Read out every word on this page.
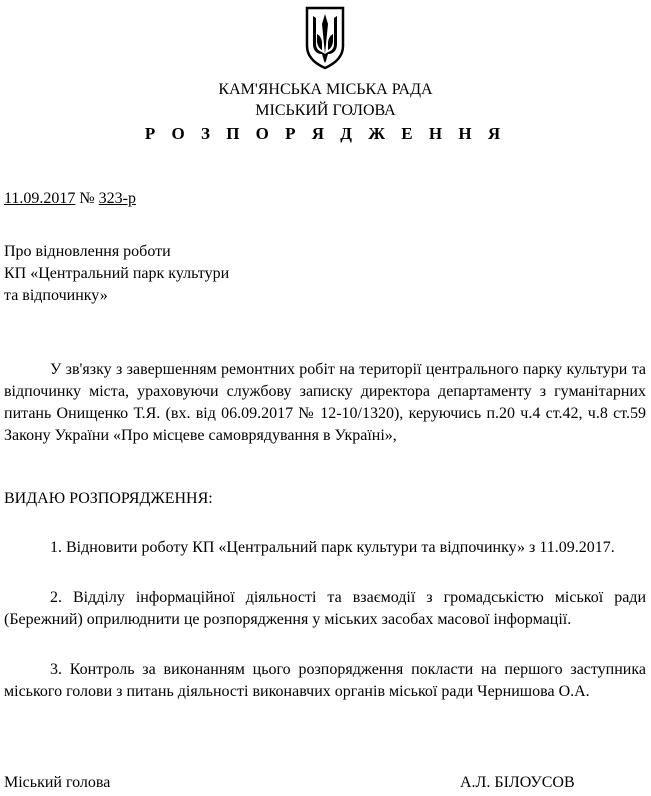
КАМ'ЯНСЬКА МІСЬКА РАДА
МІСЬКИЙ ГОЛОВА
Р О З П О Р Я Д Ж Е Н Н Я
11.09.2017 № 323-р
Про відновлення роботи
КП «Центральний парк культури
та відпочинку»

У зв'язку з завершенням ремонтних робіт на території центрального парку культури та відпочинку міста, ураховуючи службову записку директора департаменту з гуманітарних питань Онищенко Т.Я. (вх. від 06.09.2017 № 12-10/1320), керуючись п.20 ч.4 ст.42, ч.8 ст.59 Закону України «Про місцеве самоврядування в Україні»,

ВИДАЮ РОЗПОРЯДЖЕННЯ:

1. Відновити роботу КП «Центральний парк культури та відпочинку» з 11.09.2017.

2. Відділу інформаційної діяльності та взаємодії з громадськістю міської ради (Бережний) оприлюднити це розпорядження у міських засобах масової інформації.

3. Контроль за виконанням цього розпорядження покласти на першого заступника міського голови з питань діяльності виконавчих органів міської ради Чернишова О.А.

Міський голова	А.Л. БІЛОУСОВ
